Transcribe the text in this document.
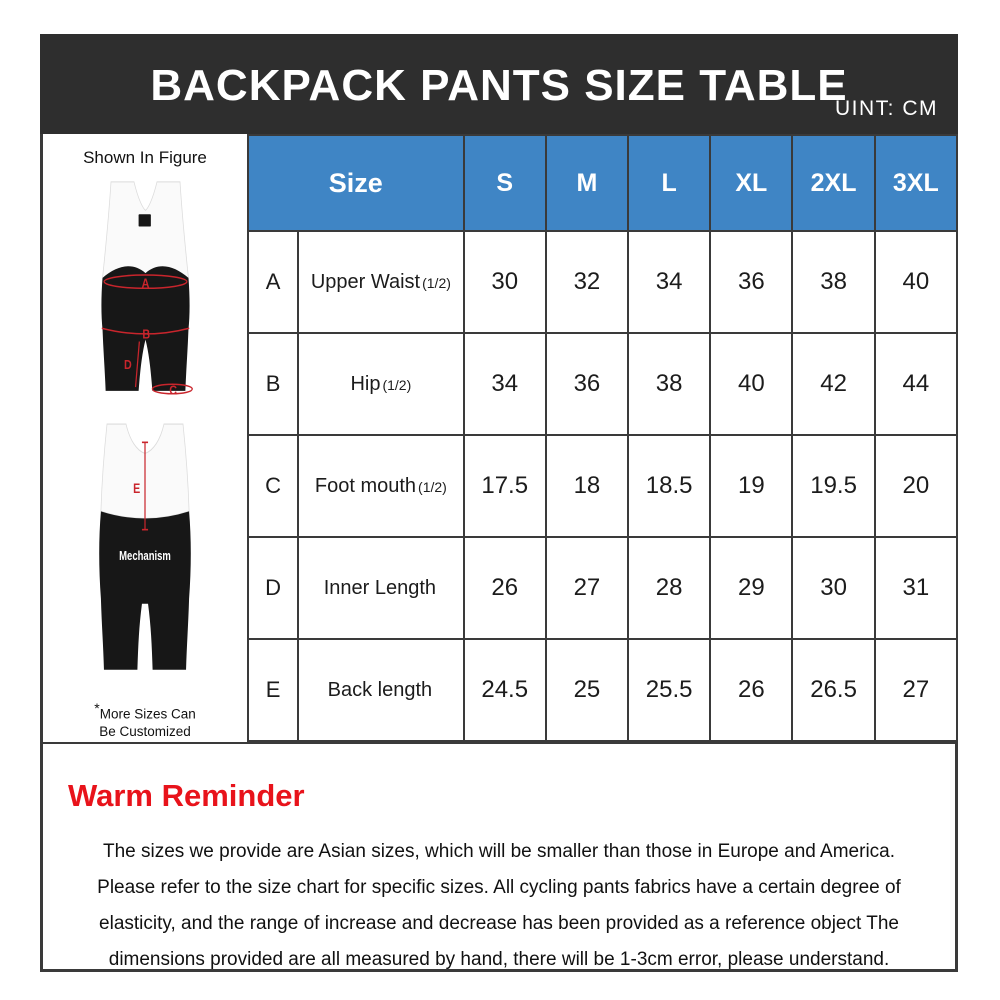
BACKPACK PANTS SIZE TABLE
UINT: CM
Shown In Figure
A
B
D
C
Mechanism
E
*More Sizes Can
Be Customized
Size		S	M	L	XL	2XL	3XL
A	Upper Waist (1/2)	30	32	34	36	38	40
B	Hip (1/2)	34	36	38	40	42	44
C	Foot mouth (1/2)	17.5	18	18.5	19	19.5	20
D	Inner Length	26	27	28	29	30	31
E	Back length	24.5	25	25.5	26	26.5	27
Warm Reminder
The sizes we provide are Asian sizes, which will be smaller than those in Europe and America.
Please refer to the size chart for specific sizes. All cycling pants fabrics have a certain degree of
elasticity, and the range of increase and decrease has been provided as a reference object The
dimensions provided are all measured by hand, there will be 1-3cm error, please understand.
